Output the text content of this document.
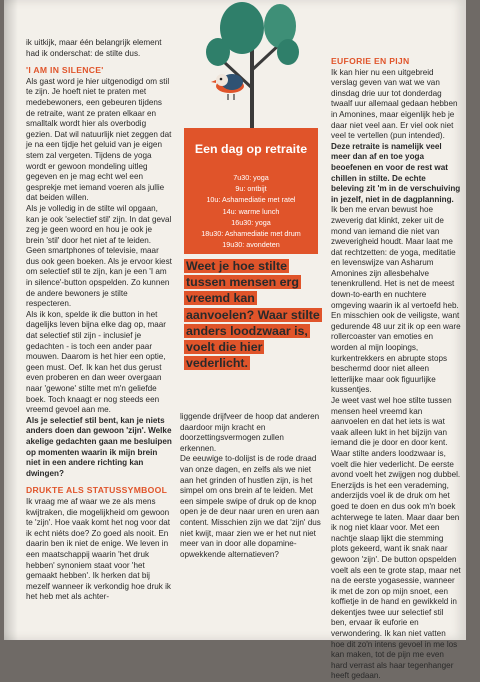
ik uitkijk, maar één belangrijk element had ik onderschat: de stilte dus.

'I AM IN SILENCE'

Als gast word je hier uitgenodigd om stil te zijn. Je hoeft niet te praten met medebewoners, een gebeuren tijdens de retraite, want ze praten elkaar en smalltalk wordt hier als overbodig gezien. Dat wil natuurlijk niet zeggen dat je na een tijdje het geluid van je eigen stem zal vergeten. Tijdens de yoga wordt er gewoon mondeling uitleg gegeven en je mag echt wel een gesprekje met iemand voeren als jullie dat beiden willen.

Als je volledig in de stilte wil opgaan, kan je ook 'selectief stil' zijn. In dat geval zeg je geen woord en hou je ook je brein 'stil' door het niet af te leiden. Geen smartphones of televisie, maar dus ook geen boeken. Als je ervoor kiest om selectief stil te zijn, kan je een 'I am in silence'-button opspelden. Zo kunnen de andere bewoners je stilte respecteren.

Als ik kon, spelde ik die button in het dagelijks leven bijna elke dag op, maar dat selectief stil zijn - inclusief je gedachten - is toch een ander paar mouwen. Daarom is het hier een optie, geen must. Oef. Ik kan het dus gerust even proberen en dan weer overgaan naar 'gewone' stilte met m'n geliefde boek. Toch knaagt er nog steeds een vreemd gevoel aan me.

Als je selectief stil bent, kan je niets anders doen dan gewoon 'zijn'. Welke akelige gedachten gaan me besluipen op momenten waarin ik mijn brein niet in een andere richting kan dwingen?

DRUKTE ALS STATUSSYMBOOL

Ik vraag me af waar we ze als mens kwijtraken, die mogelijkheid om gewoon te 'zijn'. Hoe vaak komt het nog voor dat ik echt niéts doe? Zo goed als nooit. En daarin ben ik niet de enige. We leven in een maatschappij waarin 'het druk hebben' synoniem staat voor 'het gemaakt hebben'. Ik herken dat bij mezelf wanneer ik verkondig hoe druk ik het heb met als achter-

Een dag op retraite
7u30: yoga
9u: ontbijt
10u: Ashamediatie met ratel
14u: warme lunch
16u30: yoga
18u30: Ashamediatie met drum
19u30: avondeten
Weet je hoe stilte tussen mensen erg vreemd kan aanvoelen? Waar stilte anders loodzwaar is, voelt die hier vederlicht.

liggende drijfveer de hoop dat anderen daardoor mijn kracht en doorzettingsvermogen zullen erkennen.

De eeuwige to-dolijst is de rode draad van onze dagen, en zelfs als we niet aan het grinden of hustlen zijn, is het simpel om ons brein af te leiden. Met een simpele swipe of druk op de knop open je de deur naar uren en uren aan content. Misschien zijn we dat 'zijn' dus niet kwijt, maar zien we er het nut niet meer van in door alle dopamine-opwekkende alternatieven?

EUFORIE EN PIJN

Ik kan hier nu een uitgebreid verslag geven van wat we van dinsdag drie uur tot donderdag twaalf uur allemaal gedaan hebben in Amonines, maar eigenlijk heb je daar niet veel aan. Er viel ook niet veel te vertellen (pun intended). Deze retraite is namelijk veel meer dan af en toe yoga beoefenen en voor de rest wat chillen in stilte. De echte beleving zit 'm in de verschuiving in jezelf, niet in de dagplanning. Ik ben me ervan bewust hoe zweverig dat klinkt, zeker uit de mond van iemand die niet van zweverigheid houdt. Maar laat me dat rechtzetten: de yoga, meditatie en levenswijze van Asharum Amonines zijn allesbehalve tenenkrullend. Het is net de meest down-to-earth en nuchtere omgeving waarin ik al vertoefd heb.

En misschien ook de veiligste, want gedurende 48 uur zit ik op een ware rollercoaster van emoties en worden al mijn loopings, kurkentrekkers en abrupte stops beschermd door niet alleen letterlijke maar ook figuurlijke kussentjes.

Je weet vast wel hoe stilte tussen mensen heel vreemd kan aanvoelen en dat het iets is wat vaak alleen lukt in het bijzijn van iemand die je door en door kent. Waar stilte anders loodzwaar is, voelt die hier vederlicht. De eerste avond voelt het zwijgen nog dubbel. Enerzijds is het een verademing, anderzijds voel ik de druk om het goed te doen en dus ook m'n boek achterwege te laten. Maar daar ben ik nog niet klaar voor. Met een nachtje slaap lijkt die stemming plots gekeerd, want ik snak naar gewoon 'zijn'. De button opspelden voelt als een te grote stap, maar net na de eerste yogasessie, wanneer ik met de zon op mijn snoet, een koffietje in de hand en gewikkeld in dekentjes twee uur selectief stil ben, ervaar ik euforie en verwondering. Ik kan niet vatten hoe dit zo'n intens gevoel in me los kan maken, tot de pijn me even hard verrast als haar tegenhanger heeft gedaan.
